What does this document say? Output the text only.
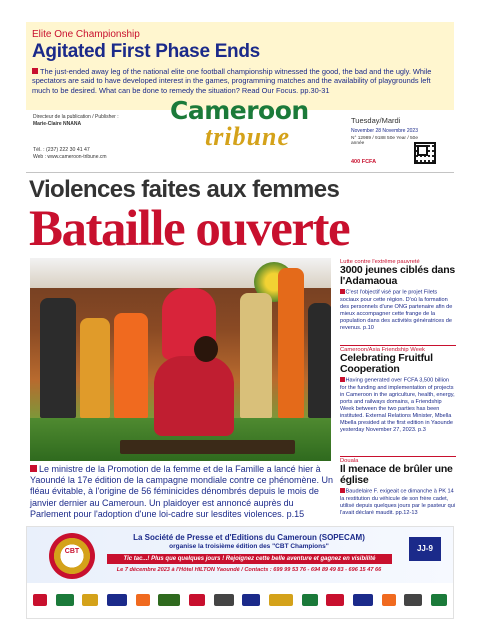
Elite One Championship
Agitated First Phase Ends
The just-ended away leg of the national elite one football championship witnessed the good, the bad and the ugly. While spectators are said to have developed interest in the games, programming matches and the availability of playgrounds left much to be desired. What can be done to remedy the situation? Read Our Focus. pp.30-31
Directeur de la publication / Publisher :
Marie-Claire NNANA
Tél. : (237) 222 30 41 47
Web : www.cameroon-tribune.cm
Cameroon
tribune
Tuesday/Mardi
November 28 Novembre 2023
N° 12989 / 9188 50e Year / 50e année
400 FCFA
Violences faites aux femmes
Bataille ouverte
Le ministre de la Promotion de la femme et de la Famille a lancé hier à Yaoundé la 17e édition de la campagne mondiale contre ce phénomène. Un fléau évitable, à l'origine de 56 féminicides dénombrés depuis le mois de janvier dernier au Cameroun. Un plaidoyer est annoncé auprès du Parlement pour l'adoption d'une loi-cadre sur lesdites violences. p.15
Lutte contre l'extrême pauvreté
3000 jeunes ciblés dans l'Adamaoua
C'est l'objectif visé par le projet Filets sociaux pour cette région. D'où la formation des personnels d'une ONG partenaire afin de mieux accompagner cette frange de la population dans des activités génératrices de revenus. p.10
Cameroon/Asia Friendship Week
Celebrating Fruitful Cooperation
Having generated over FCFA 3,500 billion for the funding and implementation of projects in Cameroon in the agriculture, health, energy, ports and railways domains, a Friendship Week between the two parties has been instituted. External Relations Minister, Mbella Mbella presided at the first edition in Yaounde yesterday November 27, 2023. p.3
Douala
Il menace de brûler une église
Baudelaire F. exigeait ce dimanche à PK 14 la restitution du véhicule de son frère cadet, utilisé depuis quelques jours par le pasteur qui l'avait déclaré maudit. pp.12-13
CBT
La Société de Presse et d'Editions du Cameroun (SOPECAM)
organise la troisième édition des "CBT Champions"
Tic tac...! Plus que quelques jours ! Rejoignez cette belle aventure et gagnez en visibilité
Le 7 décembre 2023 à l'Hôtel HILTON Yaoundé / Contacts : 699 99 53 76 - 694 89 49 83 - 696 15 47 66
JJ-9
